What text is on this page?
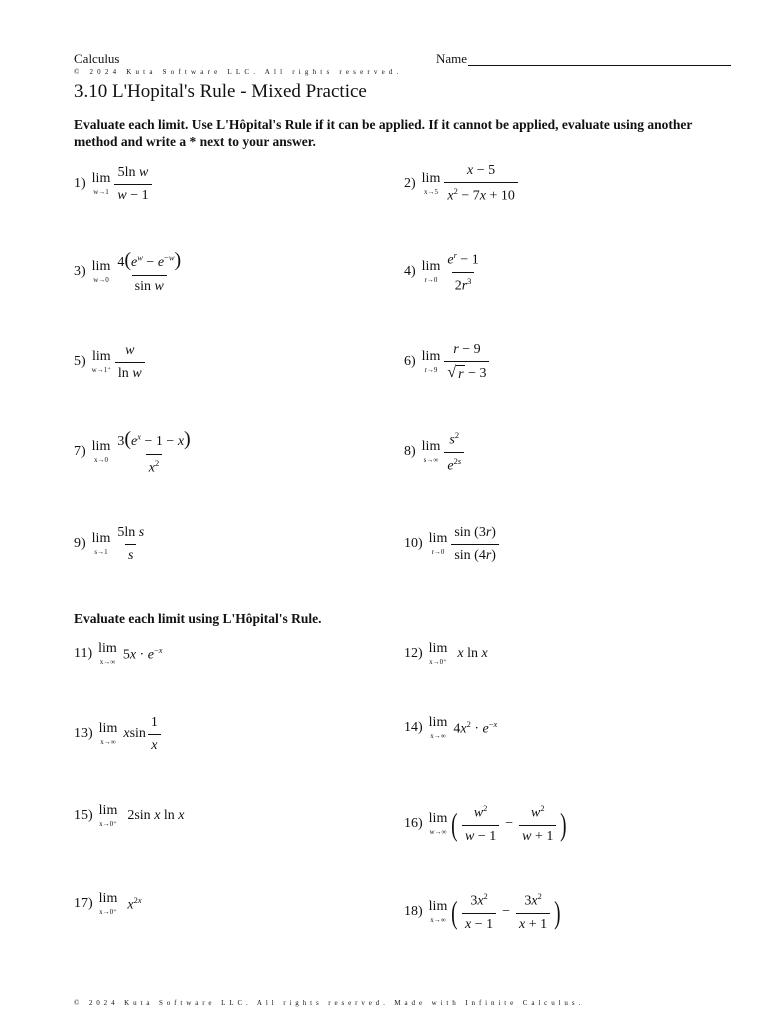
Calculus	Name
© 2024 Kuta Software LLC. All rights reserved.
3.10 L'Hopital's Rule - Mixed Practice
Evaluate each limit. Use L'Hôpital's Rule if it can be applied. If it cannot be applied, evaluate using another method and write a * next to your answer.
1) lim
$w\to 1 \frac{\text{5ln w}}{w - 1}$	2) lim
$x\to 5 \frac{x - 5}{x^2 - 7x + 10}$
3) lim
$w\to 0 \frac{4(e^w - e^{-w})}{\text{sin w}}$	4) lim
$r\to 0 \frac{e^r - 1}{2r^3}$
5) lim
$w\to 1^+ \frac{w}{\text{ln w}}$	6) lim
$r\to 9 \frac{r - 9}{√ r - 3}$
7) lim
$x\to 0 \frac{3(e^x - 1 - x)}{x^2}$	8) lim
$s\to\infty \frac{s^2}{e^{2s}}$
9) lim
$s\to 1 \frac{\text{5ln s}}{s}$	10) lim
$r\to 0 \frac{\sin (3r)}{\sin (4r)}$
Evaluate each limit using L'Hôpital's Rule.
11) lim
x→∞ $5x \cdot e^{-x}$	12) lim
x→0⁺
x ln x
13) lim
x→∞
xsin $\frac{1}{x}$	14) lim
x→∞ $4x^2 \cdot e^{-x}$
15) lim
x→0⁺
2sin x ln x
16) lim
w→∞ ( $\frac{w^2}{w - 1} - \frac{w^2}{w + 1}$ )
17) lim
x→0⁺ $x^{2x}$
18) lim
x→∞ ( $\frac{3x^2}{x - 1} - \frac{3x^2}{x + 1}$ )
© 2024 Kuta Software LLC. All rights reserved. Made with Infinite Calculus.
